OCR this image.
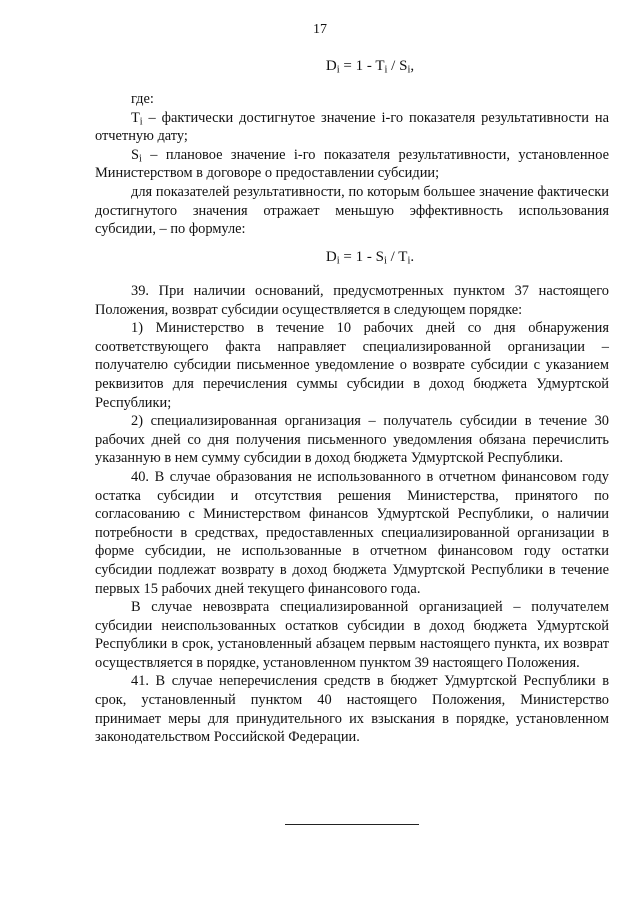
17
$D_i = 1 - T_i / S_i$,

где:

$T_i$ – фактически достигнутое значение i-го показателя результативности на отчетную дату;

$S_i$ – плановое значение i-го показателя результативности, установленное Министерством в договоре о предоставлении субсидии;

для показателей результативности, по которым большее значение фактически достигнутого значения отражает меньшую эффективность использования субсидии, – по формуле:

$D_i = 1 - S_i / T_i$.

39. При наличии оснований, предусмотренных пунктом 37 настоящего Положения, возврат субсидии осуществляется в следующем порядке:

1) Министерство в течение 10 рабочих дней со дня обнаружения соответствующего факта направляет специализированной организации – получателю субсидии письменное уведомление о возврате субсидии с указанием реквизитов для перечисления суммы субсидии в доход бюджета Удмуртской Республики;

2) специализированная организация – получатель субсидии в течение 30 рабочих дней со дня получения письменного уведомления обязана перечислить указанную в нем сумму субсидии в доход бюджета Удмуртской Республики.

40. В случае образования не использованного в отчетном финансовом году остатка субсидии и отсутствия решения Министерства, принятого по согласованию с Министерством финансов Удмуртской Республики, о наличии потребности в средствах, предоставленных специализированной организации в форме субсидии, не использованные в отчетном финансовом году остатки субсидии подлежат возврату в доход бюджета Удмуртской Республики в течение первых 15 рабочих дней текущего финансового года.

В случае невозврата специализированной организацией – получателем субсидии неиспользованных остатков субсидии в доход бюджета Удмуртской Республики в срок, установленный абзацем первым настоящего пункта, их возврат осуществляется в порядке, установленном пунктом 39 настоящего Положения.

41. В случае неперечисления средств в бюджет Удмуртской Республики в срок, установленный пунктом 40 настоящего Положения, Министерство принимает меры для принудительного их взыскания в порядке, установленном законодательством Российской Федерации.
